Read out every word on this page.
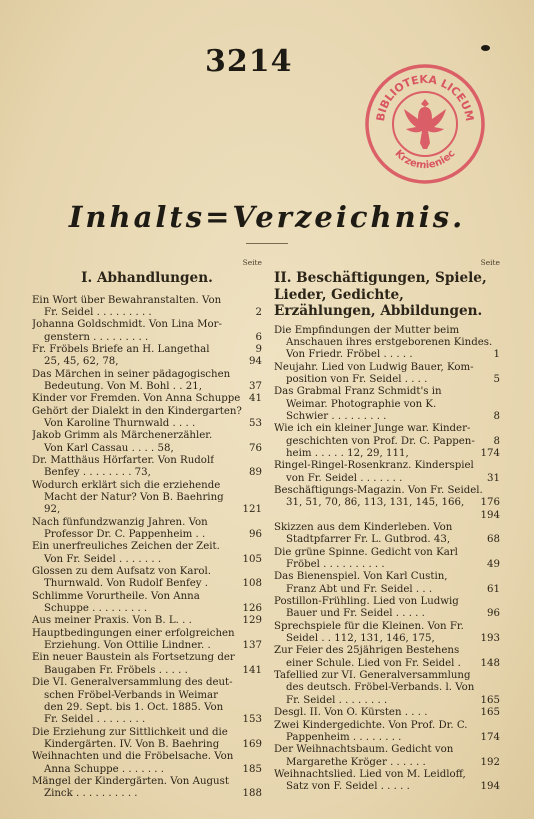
3214
BIBLIOTEKA LICEUM
Krzemieniec
Inhalts=Verzeichnis.
Seite
I. Abhandlungen.
Ein Wort über Bewahranstalten. Von
Fr. Seidel . . . . . . . . .	2
Johanna Goldschmidt. Von Lina Mor-
genstern . . . . . . . . .	6
Fr. Fröbels Briefe an H. Langethal	9
25, 45, 62, 78,	94
Das Märchen in seiner pädagogischen
Bedeutung. Von M. Bohl . . 21,	37
Kinder vor Fremden. Von Anna Schuppe 41
Gehört der Dialekt in den Kindergarten?
Von Karoline Thurnwald . . . .	53
Jakob Grimm als Märchenerzähler.
Von Karl Cassau . . . . 58,	76
Dr. Matthäus Hörfarter. Von Rudolf
Benfey . . . . . . . . 73,	89
Wodurch erklärt sich die erziehende
Macht der Natur? Von B. Baehring
92,	121
Nach fünfundzwanzig Jahren. Von
Professor Dr. C. Pappenheim . .	96
Ein unerfreuliches Zeichen der Zeit.
Von Fr. Seidel . . . . . . .	105
Glossen zu dem Aufsatz von Karol.
Thurnwald. Von Rudolf Benfey .	108
Schlimme Vorurtheile. Von Anna
Schuppe . . . . . . . . .	126
Aus meiner Praxis. Von B. L. . .	129
Hauptbedingungen einer erfolgreichen
Erziehung. Von Ottilie Lindner. .	137
Ein neuer Baustein als Fortsetzung der
Baugaben Fr. Fröbels . . . . .	141
Die VI. Generalversammlung des deut-
schen Fröbel-Verbands in Weimar
den 29. Sept. bis 1. Oct. 1885. Von
Fr. Seidel . . . . . . . .	153
Die Erziehung zur Sittlichkeit und die
Kindergärten. IV. Von B. Baehring 169
Weihnachten und die Fröbelsache. Von
Anna Schuppe . . . . . . .	185
Mängel der Kindergärten. Von August
Zinck . . . . . . . . . .	188
Seite
II. Beschäftigungen, Spiele, Lieder, Gedichte, Erzählungen, Abbildungen.
Die Empfindungen der Mutter beim
Anschauen ihres erstgeborenen Kindes.
Von Friedr. Fröbel . . . . .	1
Neujahr. Lied von Ludwig Bauer, Kom-
position von Fr. Seidel . . . .	5
Das Grabmal Franz Schmidt's in
Weimar. Photographie von K.
Schwier . . . . . . . . .	8
Wie ich ein kleiner Junge war. Kinder-
geschichten von Prof. Dr. C. Pappen- 8
heim . . . . . 12, 29, 111,	174
Ringel-Ringel-Rosenkranz. Kinderspiel
von Fr. Seidel . . . . . . .	31
Beschäftigungs-Magazin. Von Fr. Seidel.
31, 51, 70, 86, 113, 131, 145, 166, 176
194
Skizzen aus dem Kinderleben. Von
Stadtpfarrer Fr. L. Gutbrod. 43,	68
Die grüne Spinne. Gedicht von Karl
Fröbel . . . . . . . . . .	49
Das Bienenspiel. Von Karl Custin,
Franz Abt und Fr. Seidel . . .	61
Postillon-Frühling. Lied von Ludwig
Bauer und Fr. Seidel . . . . .	96
Sprechspiele für die Kleinen. Von Fr.
Seidel . . 112, 131, 146, 175,	193
Zur Feier des 25jährigen Bestehens
einer Schule. Lied von Fr. Seidel . 148
Tafellied zur VI. Generalversammlung
des deutsch. Fröbel-Verbands. l. Von
Fr. Seidel . . . . . . . .	165
Desgl. II. Von O. Kürsten . . . .	165
Zwei Kindergedichte. Von Prof. Dr. C.
Pappenheim . . . . . . . .	174
Der Weihnachtsbaum. Gedicht von
Margarethe Kröger . . . . . .	192
Weihnachtslied. Lied von M. Leidloff,
Satz von F. Seidel . . . . .	194
